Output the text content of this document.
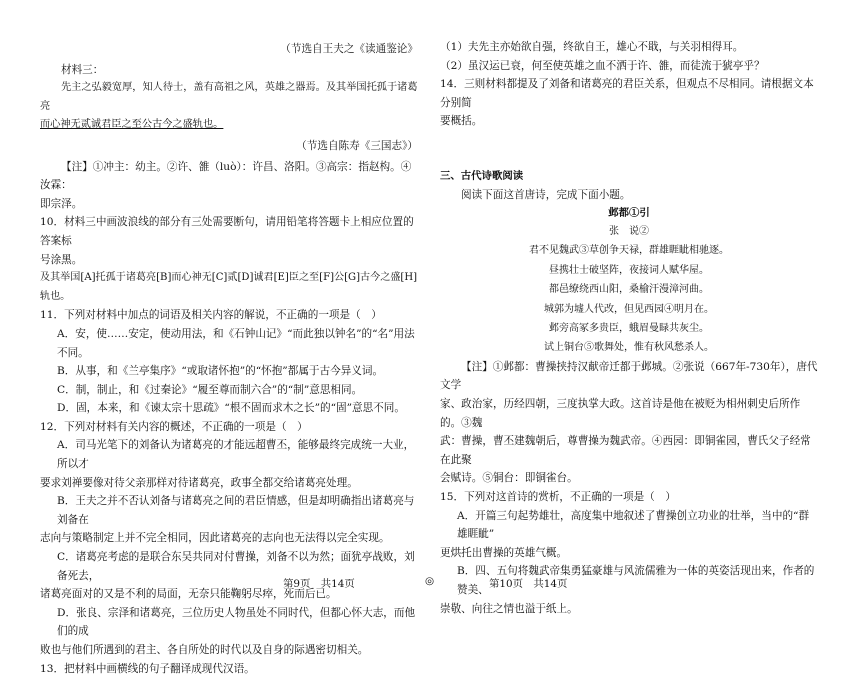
（节选自王夫之《读通鉴论》

材料三：

先主之弘毅宽厚，知人待士，盖有高祖之风，英雄之器焉。及其举国托孤于诸葛亮

而心神无贰诚君臣之至公古今之盛轨也。

（节选自陈寿《三国志》）

【注】①冲主：幼主。②许、雒（luò）：许昌、洛阳。③高宗：指赵构。④汝霖：

即宗泽。

10．材料三中画波浪线的部分有三处需要断句，请用铅笔将答题卡上相应位置的答案标

号涂黑。

及其举国[A]托孤于诸葛亮[B]而心神无[C]贰[D]诚君[E]臣之至[F]公[G]古今之盛[H]轨也。

11．下列对材料中加点的词语及相关内容的解说，不正确的一项是（　）

A．安，使……安定，使动用法，和《石钟山记》“而此独以钟名”的“名”用法不同。

B．从事，和《兰亭集序》“或取诸怀抱”的“怀抱”都属于古今异义词。

C．制，制止，和《过秦论》“履至尊而制六合”的“制”意思相同。

D．固，本来，和《谏太宗十思疏》“根不固而求木之长”的“固”意思不同。

12．下列对材料有关内容的概述，不正确的一项是（　）

A．司马光笔下的刘备认为诸葛亮的才能远超曹丕，能够最终完成统一大业，所以才

要求刘禅要像对待父亲那样对待诸葛亮，政事全都交给诸葛亮处理。

B．王夫之并不否认刘备与诸葛亮之间的君臣情感，但是却明确指出诸葛亮与刘备在

志向与策略制定上并不完全相同，因此诸葛亮的志向也无法得以完全实现。

C．诸葛亮考虑的是联合东吴共同对付曹操，刘备不以为然；面犹亭战败，刘备死去，

诸葛亮面对的又是不利的局面，无奈只能鞠躬尽瘁，死而后已。

D．张良、宗泽和诸葛亮，三位历史人物虽处不同时代，但都心怀大志，而他们的成

败也与他们所遇到的君主、各自所处的时代以及自身的际遇密切相关。

13．把材料中画横线的句子翻译成现代汉语。

（1）夫先主亦始欲自强，终欲自王，雄心不戢，与关羽相得耳。

（2）虽汉运已衰，何至使英雄之血不洒于许、雒，而徒流于猇亭乎？

14．三则材料都提及了刘备和诸葛亮的君臣关系，但观点不尽相同。请根据文本分别简

要概括。

三、古代诗歌阅读

阅读下面这首唐诗，完成下面小题。

邺都①引

张　说②

君不见魏武③草创争天禄，群雄睚眦相驰逐。

昼携壮士破坚阵，夜接词人赋华屋。

都邑缭绕西山阳，桑榆汗漫漳河曲。

城郭为墟人代改，但见西园④明月在。

邺旁高冢多贵臣，蛾眉曼睩共灰尘。

试上铜台⑤歌舞处，惟有秋风愁杀人。

【注】①邺都：曹操挟持汉献帝迁都于邺城。②张说（667年-730年），唐代文学

家、政治家，历经四朝，三度执掌大政。这首诗是他在被贬为相州刺史后所作的。③魏

武：曹操，曹丕建魏朝后，尊曹操为魏武帝。④西园：即铜雀园，曹氏父子经常在此聚

会赋诗。⑤铜台：即铜雀台。

15．下列对这首诗的赏析，不正确的一项是（　）

A．开篇三句起势雄壮，高度集中地叙述了曹操创立功业的壮举，当中的“群雄睚眦”

更烘托出曹操的英雄气概。

B．四、五句将魏武帝集勇猛豪雄与风流儒雅为一体的英姿活现出来，作者的赞美、

崇敬、向往之情也溢于纸上。

第9页　共14页	◎	第10页　共14页
